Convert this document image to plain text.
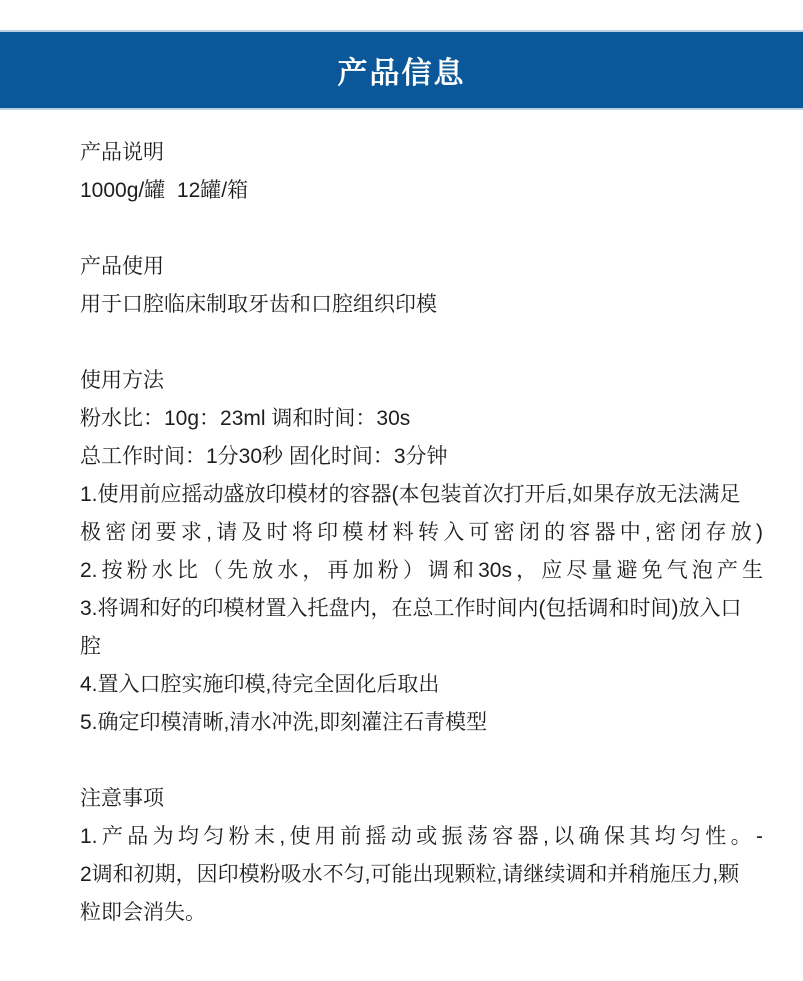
产品信息
产品说明
1000g/罐  12罐/箱
产品使用
用于口腔临床制取牙齿和口腔组织印模
使用方法
粉水比：10g：23ml 调和时间：30s
总工作时间：1分30秒 固化时间：3分钟
1.使用前应摇动盛放印模材的容器(本包装首次打开后,如果存放无法满足
极密闭要求,请及时将印模材料转入可密闭的容器中,密闭存放)
2.按粉水比（先放水，再加粉）调和30s，应尽量避免气泡产生
3.将调和好的印模材置入托盘内，在总工作时间内(包括调和时间)放入口
腔
4.置入口腔实施印模,待完全固化后取出
5.确定印模清晰,清水冲洗,即刻灌注石青模型
注意事项
1.产品为均匀粉末,使用前摇动或振荡容器,以确保其均匀性。-
2调和初期，因印模粉吸水不匀,可能出现颗粒,请继续调和并稍施压力,颗
粒即会消失。
